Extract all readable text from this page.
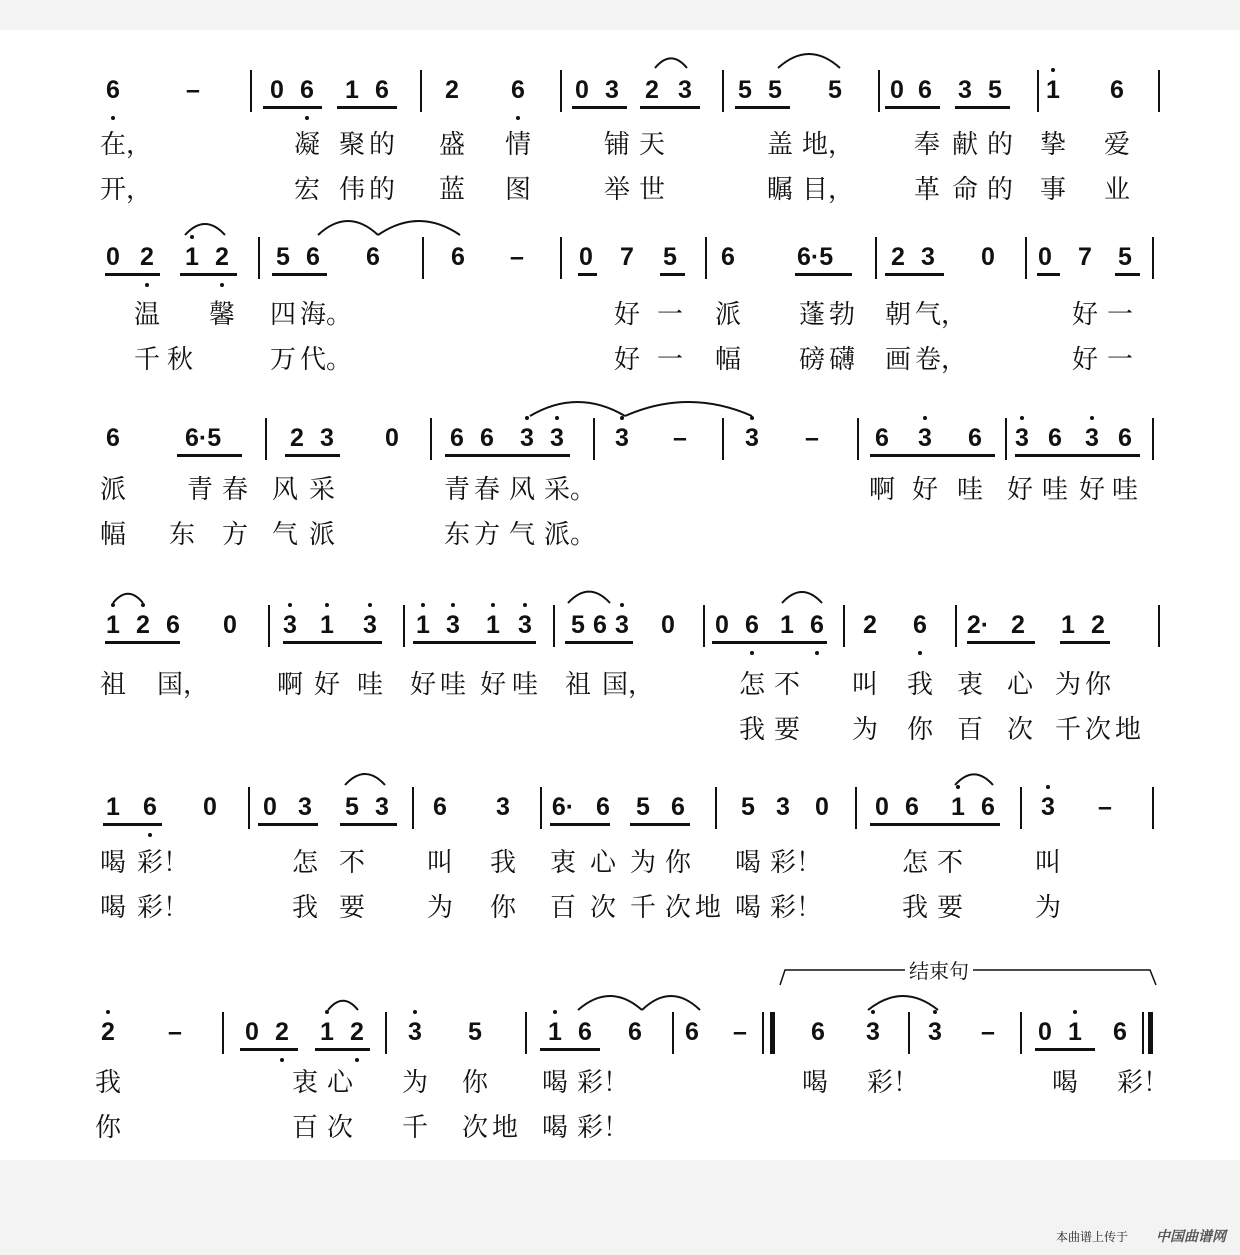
6	–	0 6	1 6	2	6	0 3	2 3	5 5	5	0 6	3 5	1	6
在，	凝 聚 的 盛 情	铺 天	盖 地， 奉 献 的 挚 爱
开，	宏 伟 的 蓝 图	举 世	瞩 目， 革 命 的 事 业
0 2	1 2	5 6	6	6	–	0	7	5	6	6·5	2 3	0	0	7	5
温 馨 四 海。	好 一 派 蓬 勃 朝 气，	好 一
千 秋	万 代。	好 一 幅 磅 礴 画 卷，	好 一
6	6·5	2 3	0	6 6	3 3	3	–	3	–	6	3	6	3 6 3 6
派 青 春 风 采	青 春 风 采。	啊 好 哇 好 哇 好 哇
幅 东 方 气 派	东 方 气 派。
1 2 6	0	3 1	3	1 3	1 3	5 6 3	0	0 6 1 6	2	6	2· 2	1 2
祖 国，	啊 好 哇 好 哇 好 哇 祖 国，	怎 不 叫 我 衷 心 为 你
我 要 为 你 百 次 千 次 地
1 6	0	0 3	5 3	6	3	6· 6	5 6	5 3	0	0 6	1 6	3	–
喝 彩！	怎 不 叫 我 衷 心 为 你 喝 彩！	怎 不	叫
喝 彩！	我 要 为 你 百 次 千 次 地 喝 彩！	我 要	为
2	–	0 2	1 2	3	5	1 6	6	6	–	6	3	3	–	0 1	6
我	衷 心 为 你 喝 彩！	喝 彩！	喝 彩！
你	百 次 千 次 地 喝 彩！
结束句
本曲谱上传于 中国曲谱网
